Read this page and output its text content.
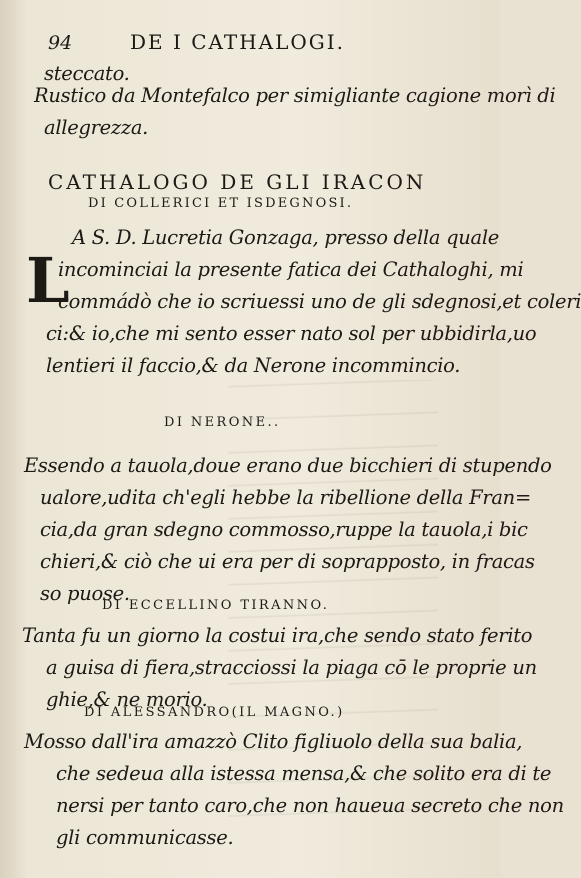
94	DE I CATHALOGI.

steccato.

Rustico da Montefalco per simigliante cagione morì di

allegrezza.

CATHALOGO DE GLI IRACON
DI COLLERICI ET ISDEGNOSI.
L

A S. D. Lucretia Gonzaga, presso della quale

incominciai la presente fatica dei Cathaloghi, mi

commádò che io scriuessi uno de gli sdegnosi,et coleri

ci:& io,che mi sento esser nato sol per ubbidirla,uo

lentieri il faccio,& da Nerone incommincio.

DI NERONE..

Essendo a tauola,doue erano due bicchieri di stupendo

ualore,udita ch'egli hebbe la ribellione della Fran=

cia,da gran sdegno commosso,ruppe la tauola,i bic

chieri,& ciò che ui era per di soprapposto, in fracas

so puose.

DI ECCELLINO TIRANNO.

Tanta fu un giorno la costui ira,che sendo stato ferito

a guisa di fiera,stracciossi la piaga cō le proprie un

ghie,& ne morio.

DI ALESSANDRO(IL MAGNO.)

Mosso dall'ira amazzò Clito figliuolo della sua balia,

che sedeua alla istessa mensa,& che solito era di te

nersi per tanto caro,che non haueua secreto che non

gli communicasse.
